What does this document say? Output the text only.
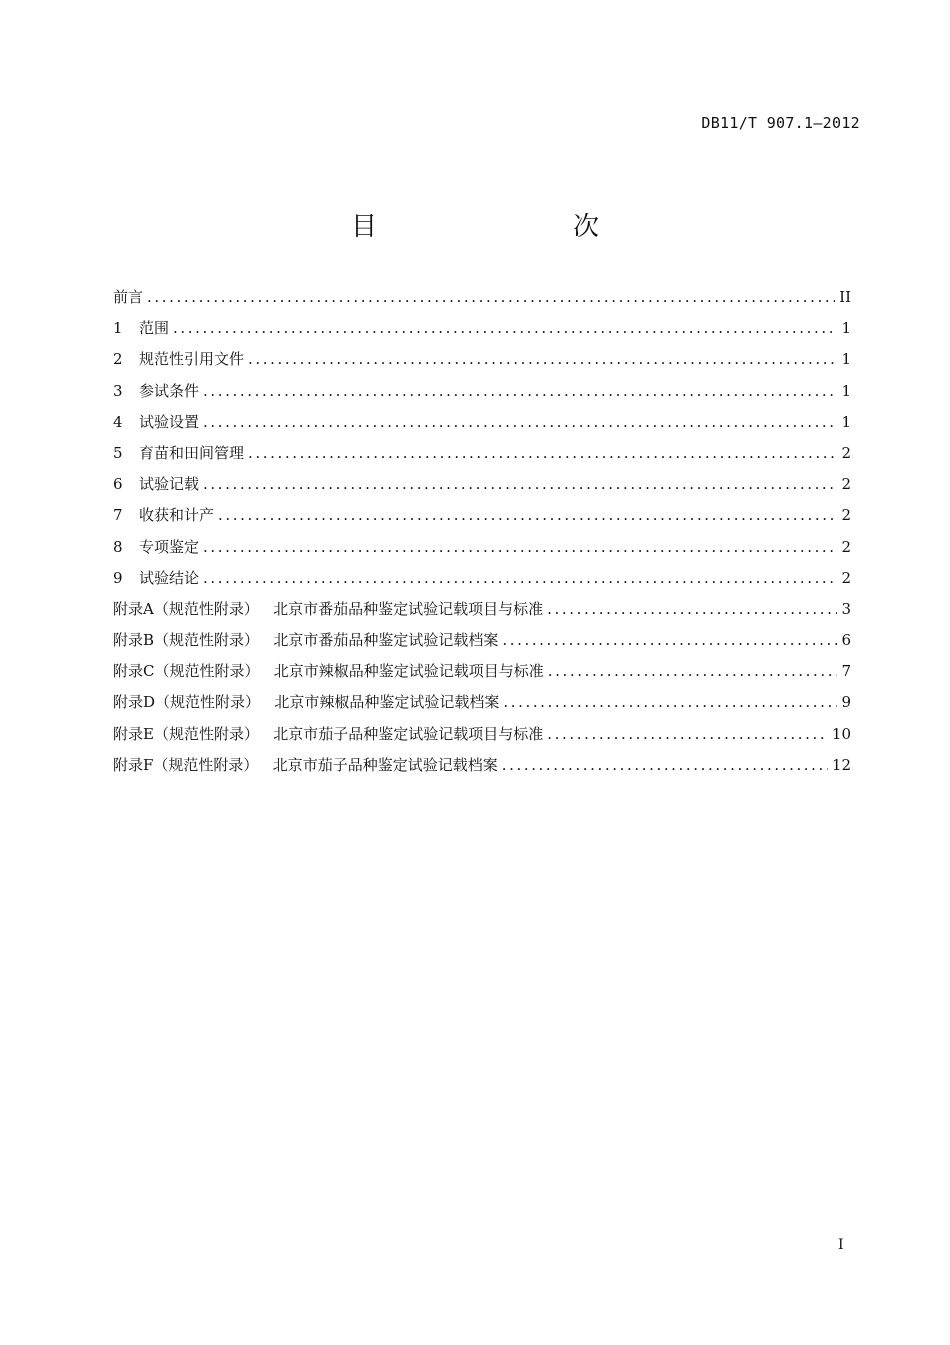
DB11/T 907.1—2012
目　　次
前言 .....	II
1	范围 .....	1
2	规范性引用文件 .....	1
3	参试条件 .....	1
4	试验设置 .....	1
5	育苗和田间管理 .....	2
6	试验记载 .....	2
7	收获和计产 .....	2
8	专项鉴定 .....	2
9	试验结论 .....	2
附录A（规范性附录）   北京市番茄品种鉴定试验记载项目与标准 .....	3
附录B（规范性附录）   北京市番茄品种鉴定试验记载档案 .....	6
附录C（规范性附录）   北京市辣椒品种鉴定试验记载项目与标准 .....	7
附录D（规范性附录）   北京市辣椒品种鉴定试验记载档案 .....	9
附录E（规范性附录）   北京市茄子品种鉴定试验记载项目与标准 .....	10
附录F（规范性附录）   北京市茄子品种鉴定试验记载档案 .....	12
I
